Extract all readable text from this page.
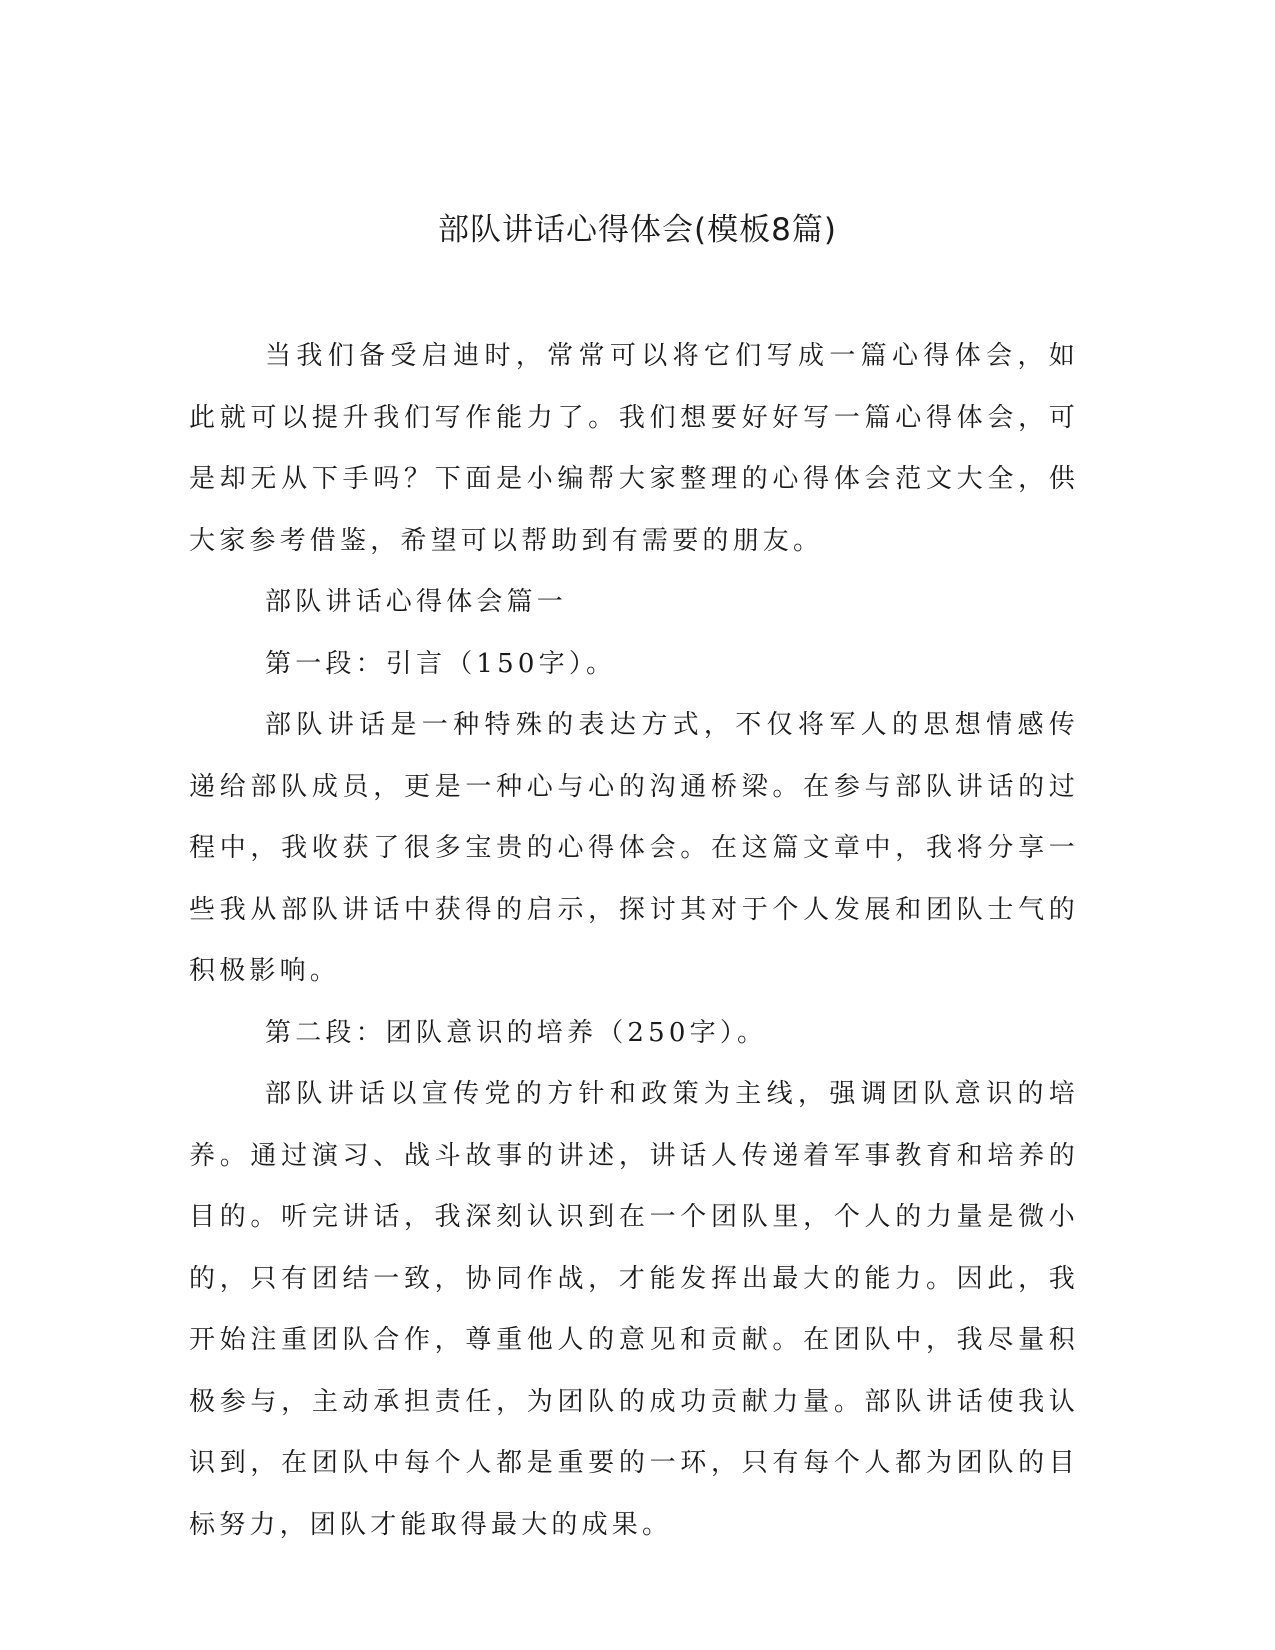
部队讲话心得体会(模板8篇)

当我们备受启迪时，常常可以将它们写成一篇心得体会，如此就可以提升我们写作能力了。我们想要好好写一篇心得体会，可是却无从下手吗？下面是小编帮大家整理的心得体会范文大全，供大家参考借鉴，希望可以帮助到有需要的朋友。

部队讲话心得体会篇一

第一段：引言（150字）。

部队讲话是一种特殊的表达方式，不仅将军人的思想情感传递给部队成员，更是一种心与心的沟通桥梁。在参与部队讲话的过程中，我收获了很多宝贵的心得体会。在这篇文章中，我将分享一些我从部队讲话中获得的启示，探讨其对于个人发展和团队士气的积极影响。

第二段：团队意识的培养（250字）。

部队讲话以宣传党的方针和政策为主线，强调团队意识的培养。通过演习、战斗故事的讲述，讲话人传递着军事教育和培养的目的。听完讲话，我深刻认识到在一个团队里，个人的力量是微小的，只有团结一致，协同作战，才能发挥出最大的能力。因此，我开始注重团队合作，尊重他人的意见和贡献。在团队中，我尽量积极参与，主动承担责任，为团队的成功贡献力量。部队讲话使我认识到，在团队中每个人都是重要的一环，只有每个人都为团队的目标努力，团队才能取得最大的成果。
